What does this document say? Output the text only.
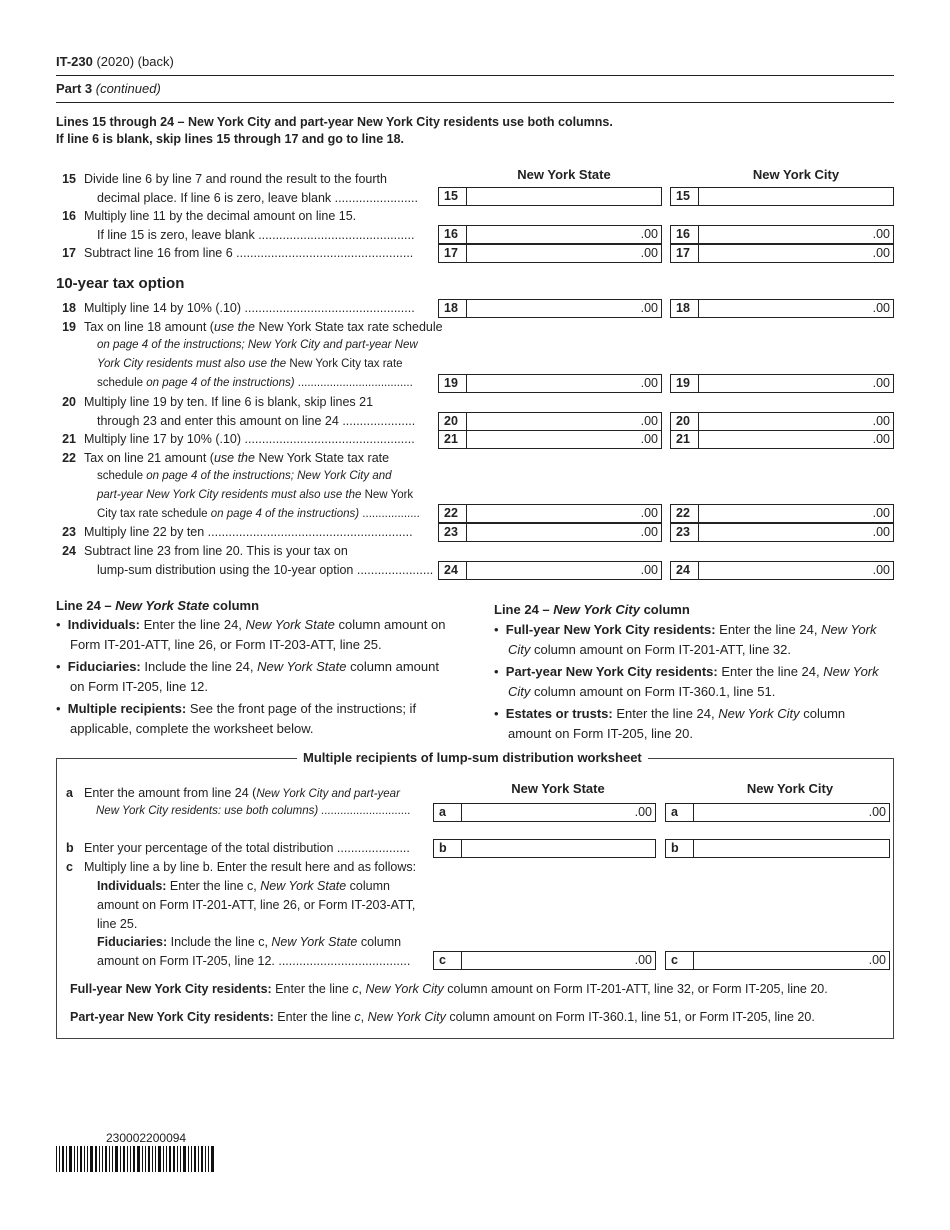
IT-230 (2020) (back)
Part 3 (continued)
Lines 15 through 24 – New York City and part-year New York City residents use both columns.
If line 6 is blank, skip lines 15 through 17 and go to line 18.
New York State	New York City
15 Divide line 6 by line 7 and round the result to the fourth
decimal place. If line 6 is zero, leave blank ........................	15	15
16 Multiply line 11 by the decimal amount on line 15.
If line 15 is zero, leave blank .............................................	16	.00	16	.00
17 Subtract line 16 from line 6 ...................................................	17	.00	17	.00
10-year tax option
18 Multiply line 14 by 10% (.10) .................................................	18	.00	18	.00
19 Tax on line 18 amount (use the New York State tax rate schedule
on page 4 of the instructions; New York City and part-year New
York City residents must also use the New York City tax rate
schedule on page 4 of the instructions) ....................................	19	.00	19	.00
20 Multiply line 19 by ten. If line 6 is blank, skip lines 21
through 23 and enter this amount on line 24 .....................	20	.00	20	.00
21 Multiply line 17 by 10% (.10) .................................................	21	.00	21	.00
22 Tax on line 21 amount (use the New York State tax rate
schedule on page 4 of the instructions; New York City and
part-year New York City residents must also use the New York
City tax rate schedule on page 4 of the instructions) ..................	22	.00	22	.00
23 Multiply line 22 by ten ...........................................................	23	.00	23	.00
24 Subtract line 23 from line 20. This is your tax on
lump-sum distribution using the 10-year option ...................... 24	.00	24	.00
Line 24 – New York State column
•  Individuals: Enter the line 24, New York State column amount on
Form IT-201-ATT, line 26, or Form IT-203-ATT, line 25.
•  Fiduciaries: Include the line 24, New York State column amount
on Form IT-205, line 12.
•  Multiple recipients: See the front page of the instructions; if
applicable, complete the worksheet below.
Line 24 – New York City column
•  Full-year New York City residents: Enter the line 24, New York
City column amount on Form IT-201-ATT, line 32.
•  Part-year New York City residents: Enter the line 24, New York
City column amount on Form IT-360.1, line 51.
•  Estates or trusts: Enter the line 24, New York City column
amount on Form IT-205, line 20.
Multiple recipients of lump-sum distribution worksheet
New York State	New York City
a Enter the amount from line 24 (New York City and part-year
New York City residents: use both columns) ............................	a	.00	a	.00
b Enter your percentage of the total distribution .....................	b	b
c Multiply line a by line b. Enter the result here and as follows:
Individuals: Enter the line c, New York State column
amount on Form IT-201-ATT, line 26, or Form IT-203-ATT,
line 25.
Fiduciaries: Include the line c, New York State column
amount on Form IT-205, line 12. ......................................	c	.00	c	.00
Full-year New York City residents: Enter the line c, New York City column amount on Form IT-201-ATT, line 32, or Form IT-205, line 20.
Part-year New York City residents: Enter the line c, New York City column amount on Form IT-360.1, line 51, or Form IT-205, line 20.
230002200094
